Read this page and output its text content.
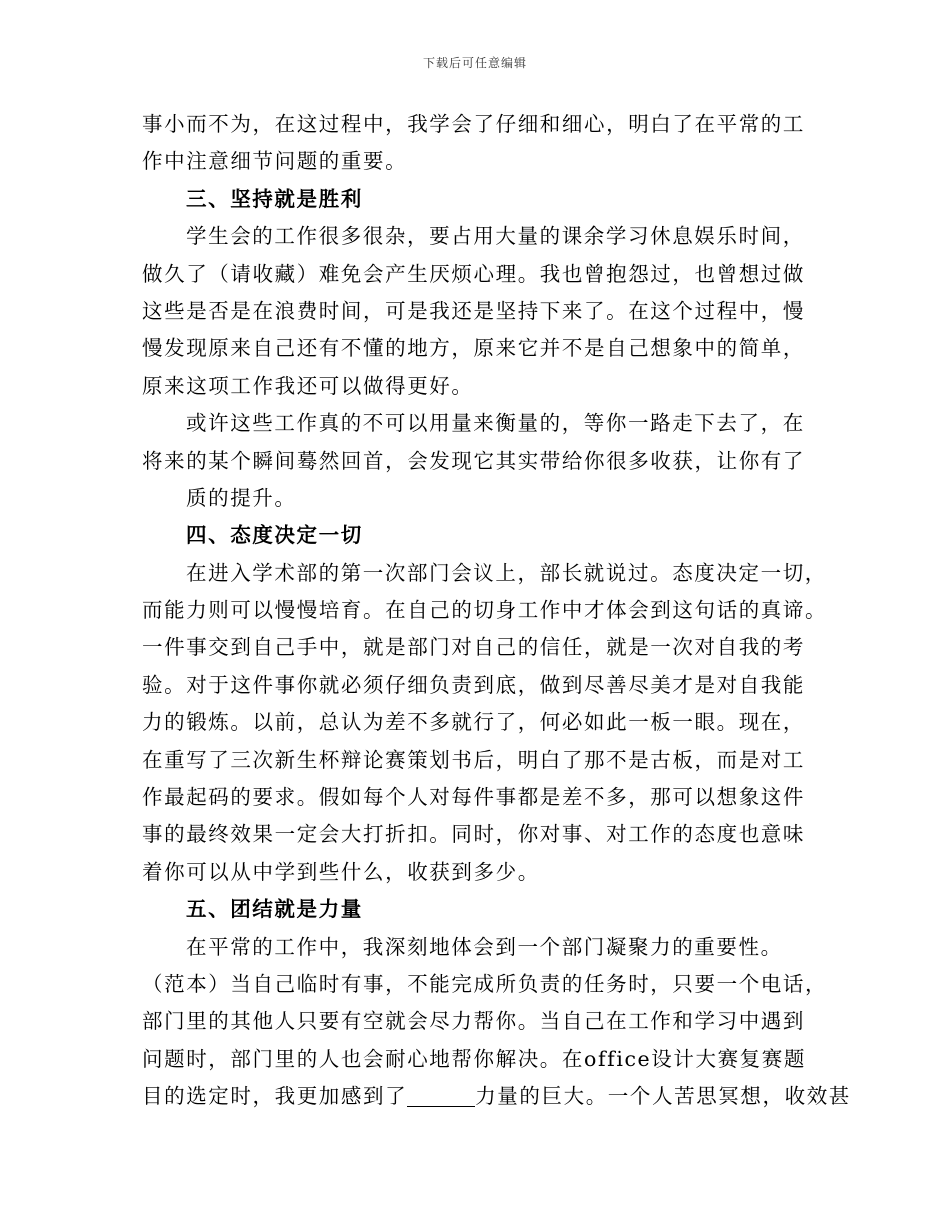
下载后可任意编辑
事小而不为，在这过程中，我学会了仔细和细心，明白了在平常的工
作中注意细节问题的重要。
三、坚持就是胜利
学生会的工作很多很杂，要占用大量的课余学习休息娱乐时间，
做久了（请收藏）难免会产生厌烦心理。我也曾抱怨过，也曾想过做
这些是否是在浪费时间，可是我还是坚持下来了。在这个过程中，慢
慢发现原来自己还有不懂的地方，原来它并不是自己想象中的简单，
原来这项工作我还可以做得更好。
或许这些工作真的不可以用量来衡量的，等你一路走下去了，在
将来的某个瞬间蓦然回首，会发现它其实带给你很多收获，让你有了
质的提升。
四、态度决定一切
在进入学术部的第一次部门会议上，部长就说过。态度决定一切，
而能力则可以慢慢培育。在自己的切身工作中才体会到这句话的真谛。
一件事交到自己手中，就是部门对自己的信任，就是一次对自我的考
验。对于这件事你就必须仔细负责到底，做到尽善尽美才是对自我能
力的锻炼。以前，总认为差不多就行了，何必如此一板一眼。现在，
在重写了三次新生杯辩论赛策划书后，明白了那不是古板，而是对工
作最起码的要求。假如每个人对每件事都是差不多，那可以想象这件
事的最终效果一定会大打折扣。同时，你对事、对工作的态度也意味
着你可以从中学到些什么，收获到多少。
五、团结就是力量
在平常的工作中，我深刻地体会到一个部门凝聚力的重要性。
（范本）当自己临时有事，不能完成所负责的任务时，只要一个电话，
部门里的其他人只要有空就会尽力帮你。当自己在工作和学习中遇到
问题时，部门里的人也会耐心地帮你解决。在office设计大赛复赛题
目的选定时，我更加感到了	力量的巨大。一个人苦思冥想，收效甚
